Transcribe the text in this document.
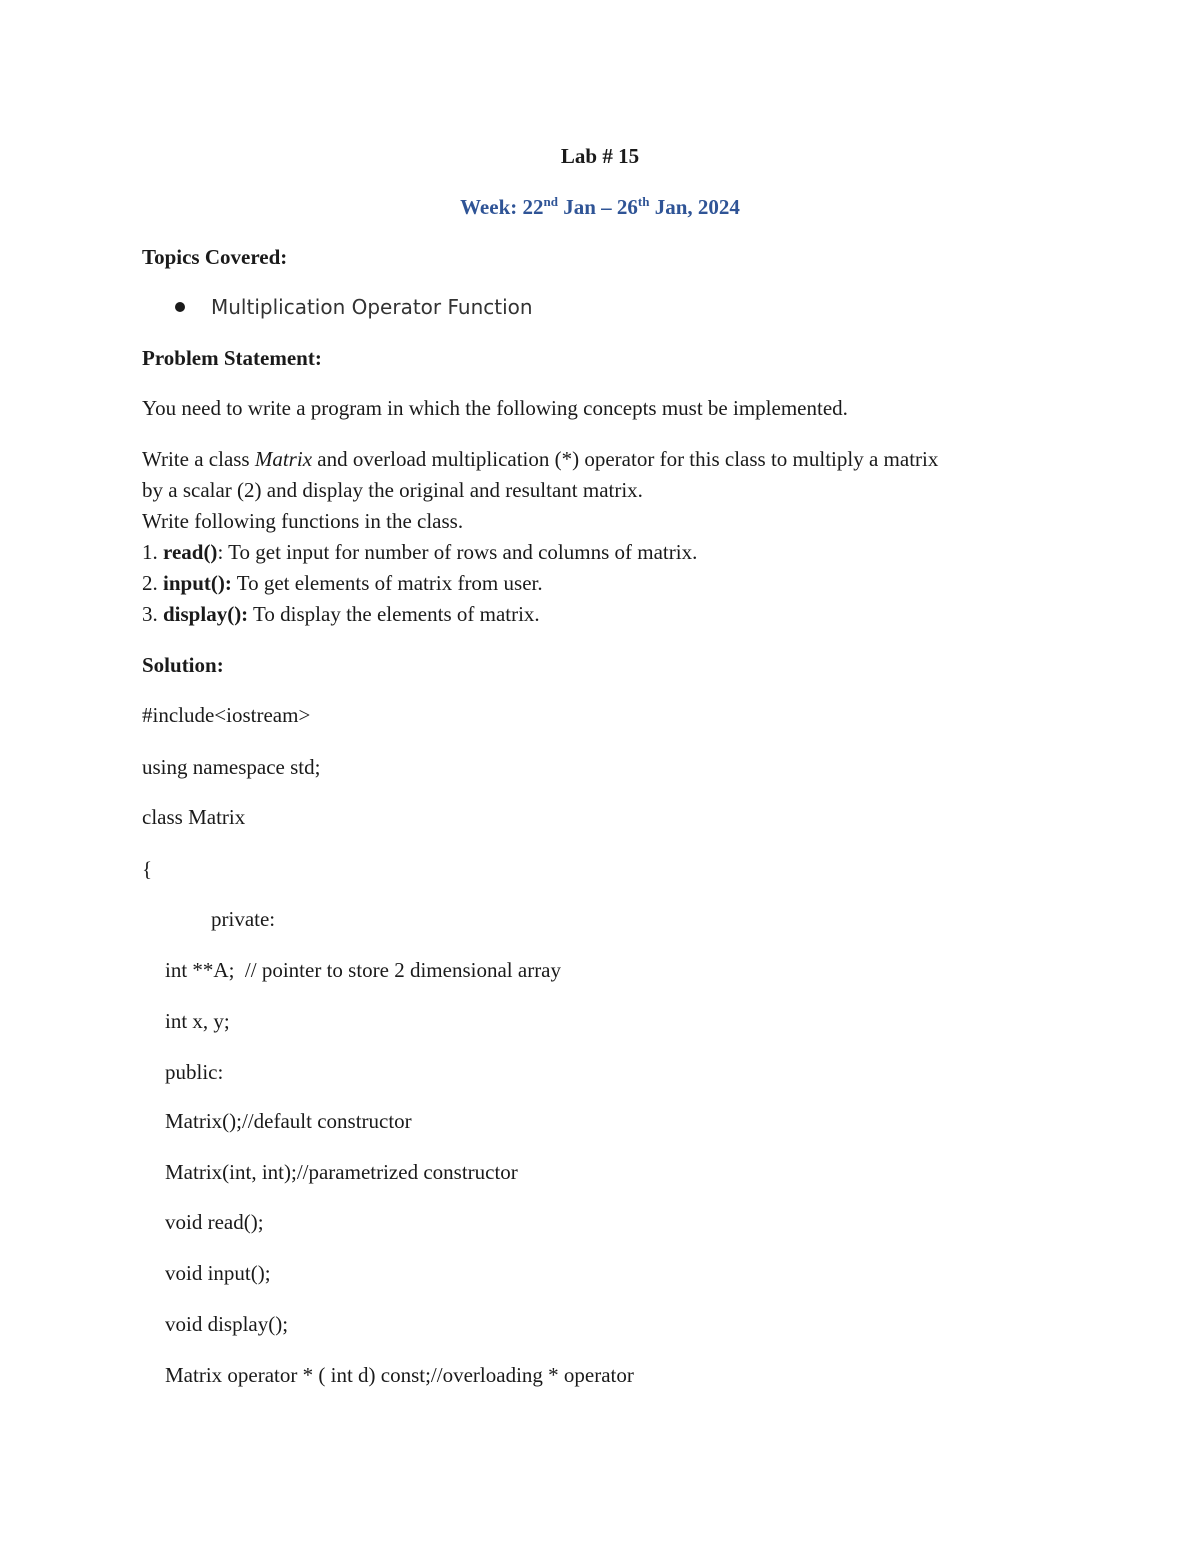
Lab # 15
Week: 22nd Jan – 26th Jan, 2024
Topics Covered:
Multiplication Operator Function
Problem Statement:
You need to write a program in which the following concepts must be implemented.
Write a class Matrix and overload multiplication (*) operator for this class to multiply a matrix
by a scalar (2) and display the original and resultant matrix.
Write following functions in the class.
1. read(): To get input for number of rows and columns of matrix.
2. input(): To get elements of matrix from user.
3. display(): To display the elements of matrix.
Solution:
#include<iostream>
using namespace std;
class Matrix
{
private:
int **A;  // pointer to store 2 dimensional array
int x, y;
public:
Matrix();//default constructor
Matrix(int, int);//parametrized constructor
void read();
void input();
void display();
Matrix operator * ( int d) const;//overloading * operator
